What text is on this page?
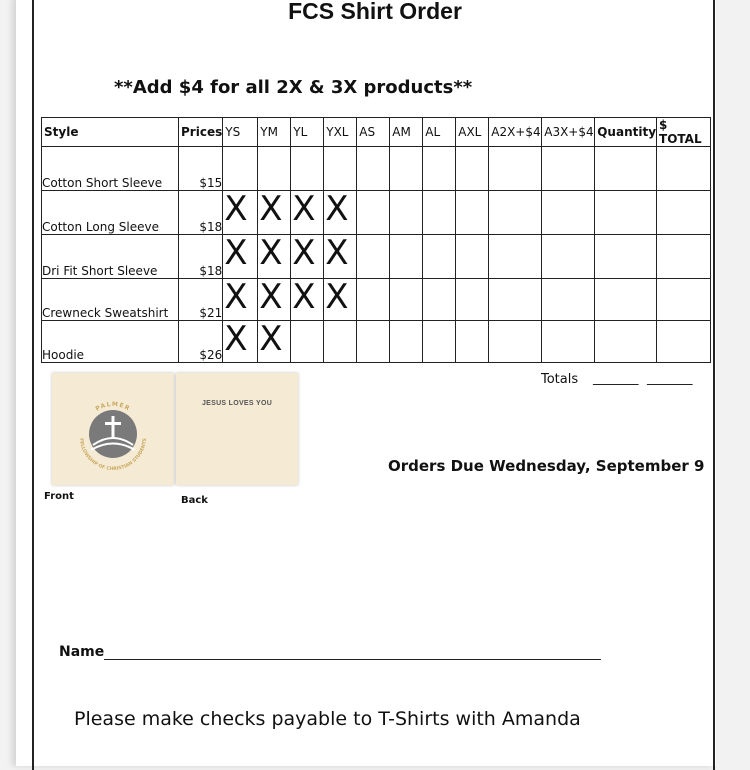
FCS Shirt Order
**Add $4 for all 2X & 3X products**
Style	Prices	YS	YM	YL	YXL	AS	AM	AL	AXL	A2X+$4	A3X+$4	Quantity	$ TOTAL
Cotton Short Sleeve	$15												
Cotton Long Sleeve	$18	X	X	X	X								

Dri Fit Short Sleeve	$18	X	X	X	X								

Crewneck Sweatshirt	$21	X	X	X	X								

Hoodie	$26	X	X										

Totals _______ _______
PALMER
FELLOWSHIP OF CHRISTIAN STUDENTS
JESUS LOVES YOU
Front	Back
Orders Due Wednesday, September 9
Name
Please make checks payable to T-Shirts with Amanda
